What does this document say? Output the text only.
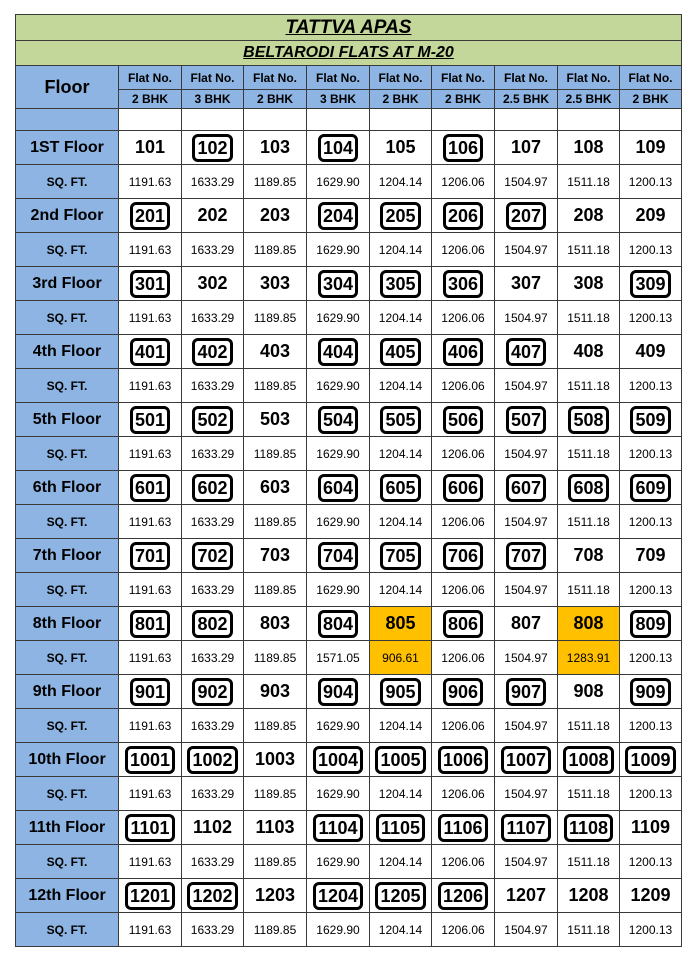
TATTVA APAS									
BELTARODI FLATS AT M-20									
Floor	Flat No.	Flat No.	Flat No.	Flat No.	Flat No.	Flat No.	Flat No.	Flat No.	Flat No.
	2 BHK	3 BHK	2 BHK	3 BHK	2 BHK	2 BHK	2.5 BHK	2.5 BHK	2 BHK

1ST Floor	101	102	103	104	105	106	107	108	109
SQ. FT.	1191.63	1633.29	1189.85	1629.90	1204.14	1206.06	1504.97	1511.18	1200.13
2nd Floor	201	202	203	204	205	206	207	208	209
SQ. FT.	1191.63	1633.29	1189.85	1629.90	1204.14	1206.06	1504.97	1511.18	1200.13
3rd Floor	301	302	303	304	305	306	307	308	309
SQ. FT.	1191.63	1633.29	1189.85	1629.90	1204.14	1206.06	1504.97	1511.18	1200.13
4th Floor	401	402	403	404	405	406	407	408	409
SQ. FT.	1191.63	1633.29	1189.85	1629.90	1204.14	1206.06	1504.97	1511.18	1200.13
5th Floor	501	502	503	504	505	506	507	508	509
SQ. FT.	1191.63	1633.29	1189.85	1629.90	1204.14	1206.06	1504.97	1511.18	1200.13
6th Floor	601	602	603	604	605	606	607	608	609
SQ. FT.	1191.63	1633.29	1189.85	1629.90	1204.14	1206.06	1504.97	1511.18	1200.13
7th Floor	701	702	703	704	705	706	707	708	709
SQ. FT.	1191.63	1633.29	1189.85	1629.90	1204.14	1206.06	1504.97	1511.18	1200.13
8th Floor	801	802	803	804	805	806	807	808	809
SQ. FT.	1191.63	1633.29	1189.85	1571.05	906.61	1206.06	1504.97	1283.91	1200.13
9th Floor	901	902	903	904	905	906	907	908	909
SQ. FT.	1191.63	1633.29	1189.85	1629.90	1204.14	1206.06	1504.97	1511.18	1200.13
10th Floor	1001	1002	1003	1004	1005	1006	1007	1008	1009
SQ. FT.	1191.63	1633.29	1189.85	1629.90	1204.14	1206.06	1504.97	1511.18	1200.13
11th Floor	1101	1102	1103	1104	1105	1106	1107	1108	1109
SQ. FT.	1191.63	1633.29	1189.85	1629.90	1204.14	1206.06	1504.97	1511.18	1200.13
12th Floor	1201	1202	1203	1204	1205	1206	1207	1208	1209
SQ. FT.	1191.63	1633.29	1189.85	1629.90	1204.14	1206.06	1504.97	1511.18	1200.13
